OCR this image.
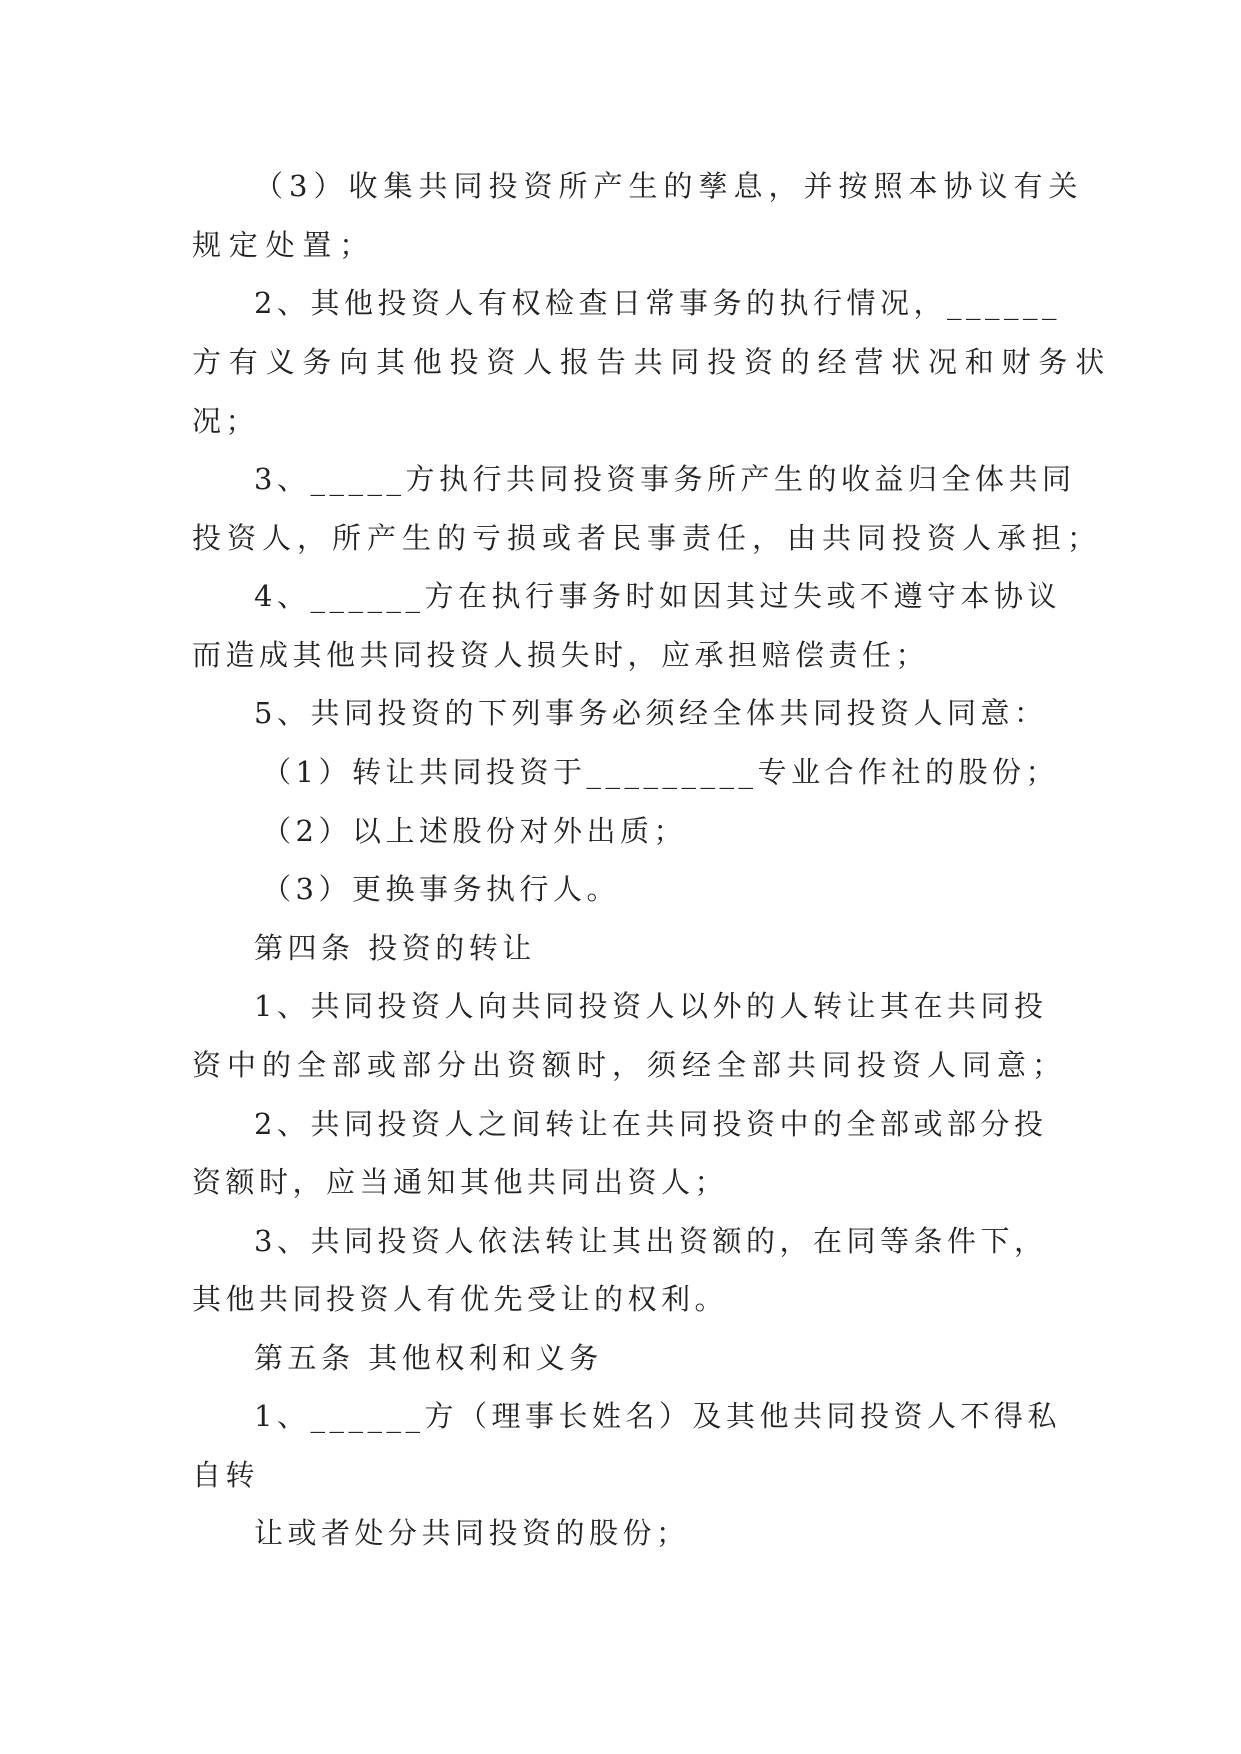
（3）收集共同投资所产生的孳息，并按照本协议有关
规定处置；
2、其他投资人有权检查日常事务的执行情况，______
方有义务向其他投资人报告共同投资的经营状况和财务状
况；
3、_____方执行共同投资事务所产生的收益归全体共同
投资人，所产生的亏损或者民事责任，由共同投资人承担；
4、______方在执行事务时如因其过失或不遵守本协议
而造成其他共同投资人损失时，应承担赔偿责任；
5、共同投资的下列事务必须经全体共同投资人同意：
（1）转让共同投资于_________专业合作社的股份；
（2）以上述股份对外出质；
（3）更换事务执行人。
第四条 投资的转让
1、共同投资人向共同投资人以外的人转让其在共同投
资中的全部或部分出资额时，须经全部共同投资人同意；
2、共同投资人之间转让在共同投资中的全部或部分投
资额时，应当通知其他共同出资人；
3、共同投资人依法转让其出资额的，在同等条件下，
其他共同投资人有优先受让的权利。
第五条 其他权利和义务
1、______方（理事长姓名）及其他共同投资人不得私
自转
让或者处分共同投资的股份；
